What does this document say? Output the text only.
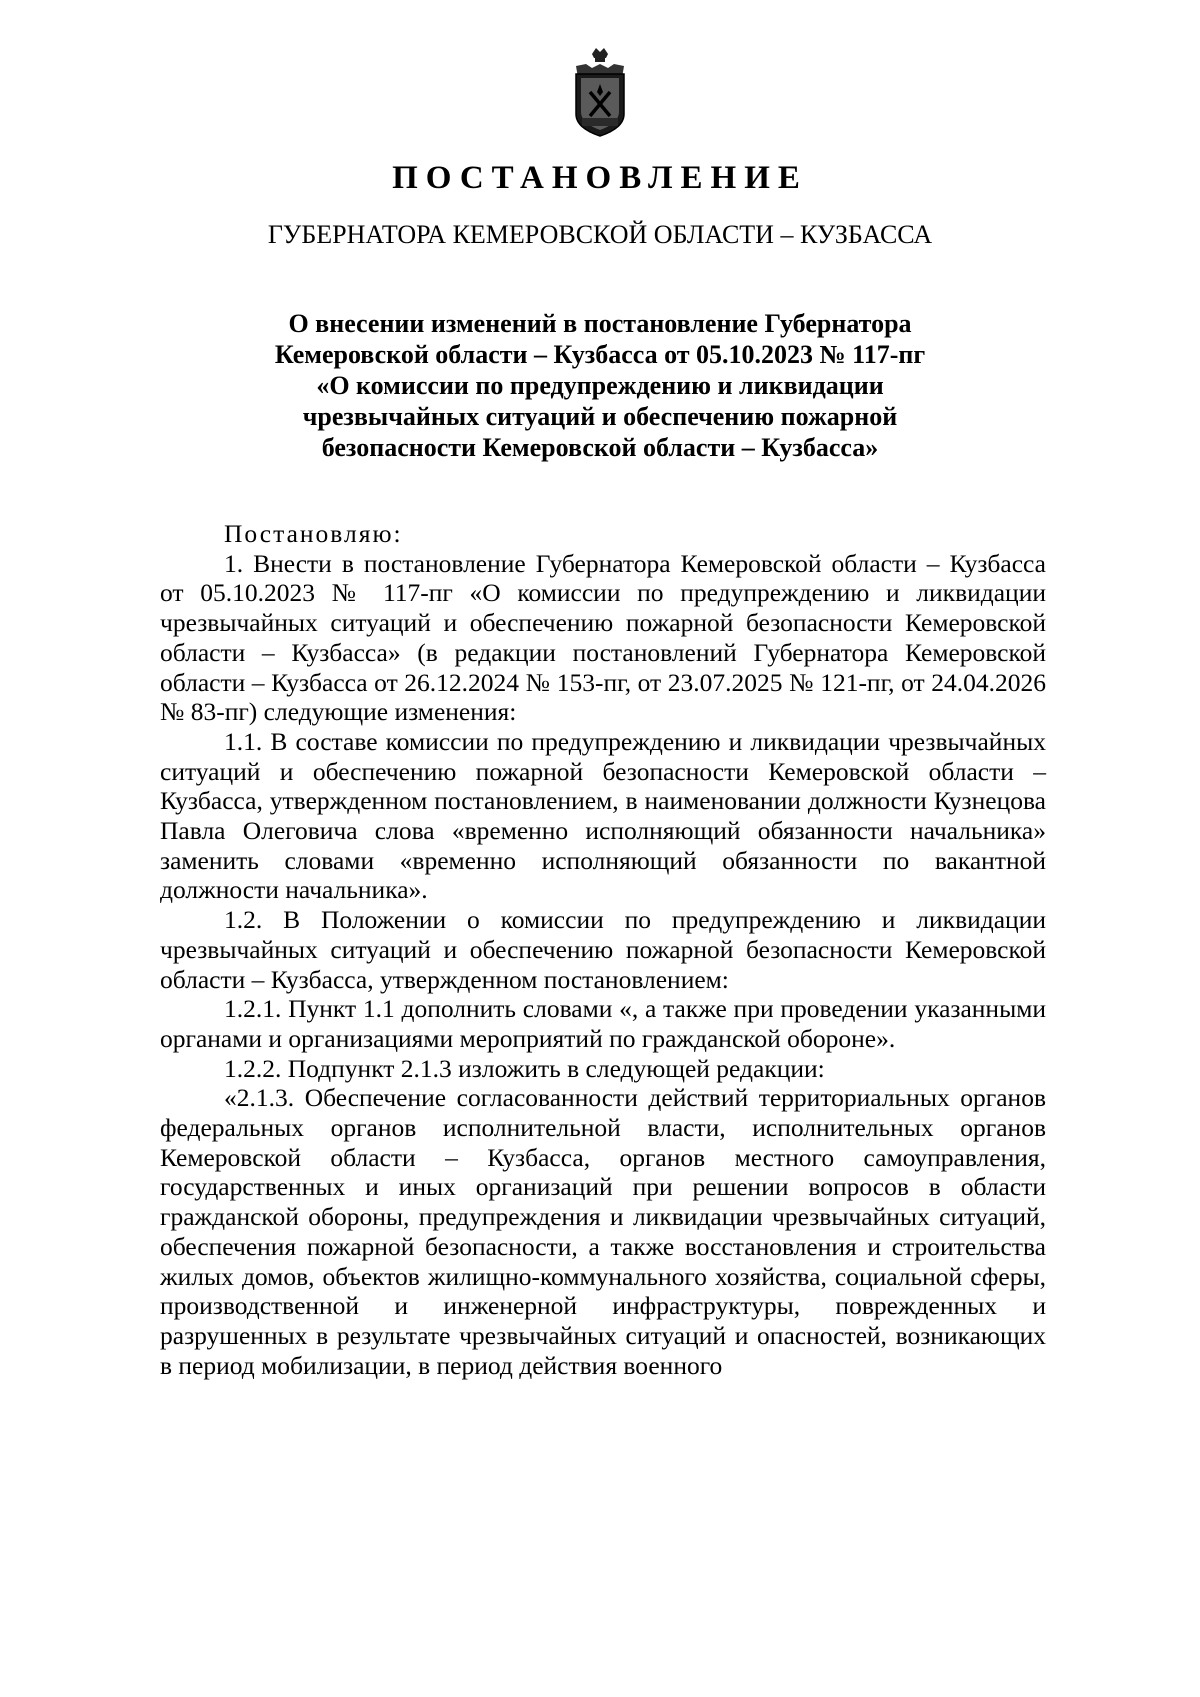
ПОСТАНОВЛЕНИЕ
ГУБЕРНАТОРА КЕМЕРОВСКОЙ ОБЛАСТИ – КУЗБАССА
О внесении изменений в постановление Губернатора
Кемеровской области – Кузбасса от 05.10.2023 № 117-пг
«О комиссии по предупреждению и ликвидации
чрезвычайных ситуаций и обеспечению пожарной
безопасности Кемеровской области – Кузбасса»

Постановляю:

1. Внести в постановление Губернатора Кемеровской области – Кузбасса от 05.10.2023 № 117-пг «О комиссии по предупреждению и ликвидации чрезвычайных ситуаций и обеспечению пожарной безопасности Кемеровской области – Кузбасса» (в редакции постановлений Губернатора Кемеровской области – Кузбасса от 26.12.2024 № 153-пг, от 23.07.2025 № 121-пг, от 24.04.2026 № 83-пг) следующие изменения:

1.1. В составе комиссии по предупреждению и ликвидации чрезвычайных ситуаций и обеспечению пожарной безопасности Кемеровской области – Кузбасса, утвержденном постановлением, в наименовании должности Кузнецова Павла Олеговича слова «временно исполняющий обязанности начальника» заменить словами «временно исполняющий обязанности по вакантной должности начальника».

1.2. В Положении о комиссии по предупреждению и ликвидации чрезвычайных ситуаций и обеспечению пожарной безопасности Кемеровской области – Кузбасса, утвержденном постановлением:

1.2.1. Пункт 1.1 дополнить словами «, а также при проведении указанными органами и организациями мероприятий по гражданской обороне».

1.2.2. Подпункт 2.1.3 изложить в следующей редакции:

«2.1.3. Обеспечение согласованности действий территориальных органов федеральных органов исполнительной власти, исполнительных органов Кемеровской области – Кузбасса, органов местного самоуправления, государственных и иных организаций при решении вопросов в области гражданской обороны, предупреждения и ликвидации чрезвычайных ситуаций, обеспечения пожарной безопасности, а также восстановления и строительства жилых домов, объектов жилищно-коммунального хозяйства, социальной сферы, производственной и инженерной инфраструктуры, поврежденных и разрушенных в результате чрезвычайных ситуаций и опасностей, возникающих в период мобилизации, в период действия военного
